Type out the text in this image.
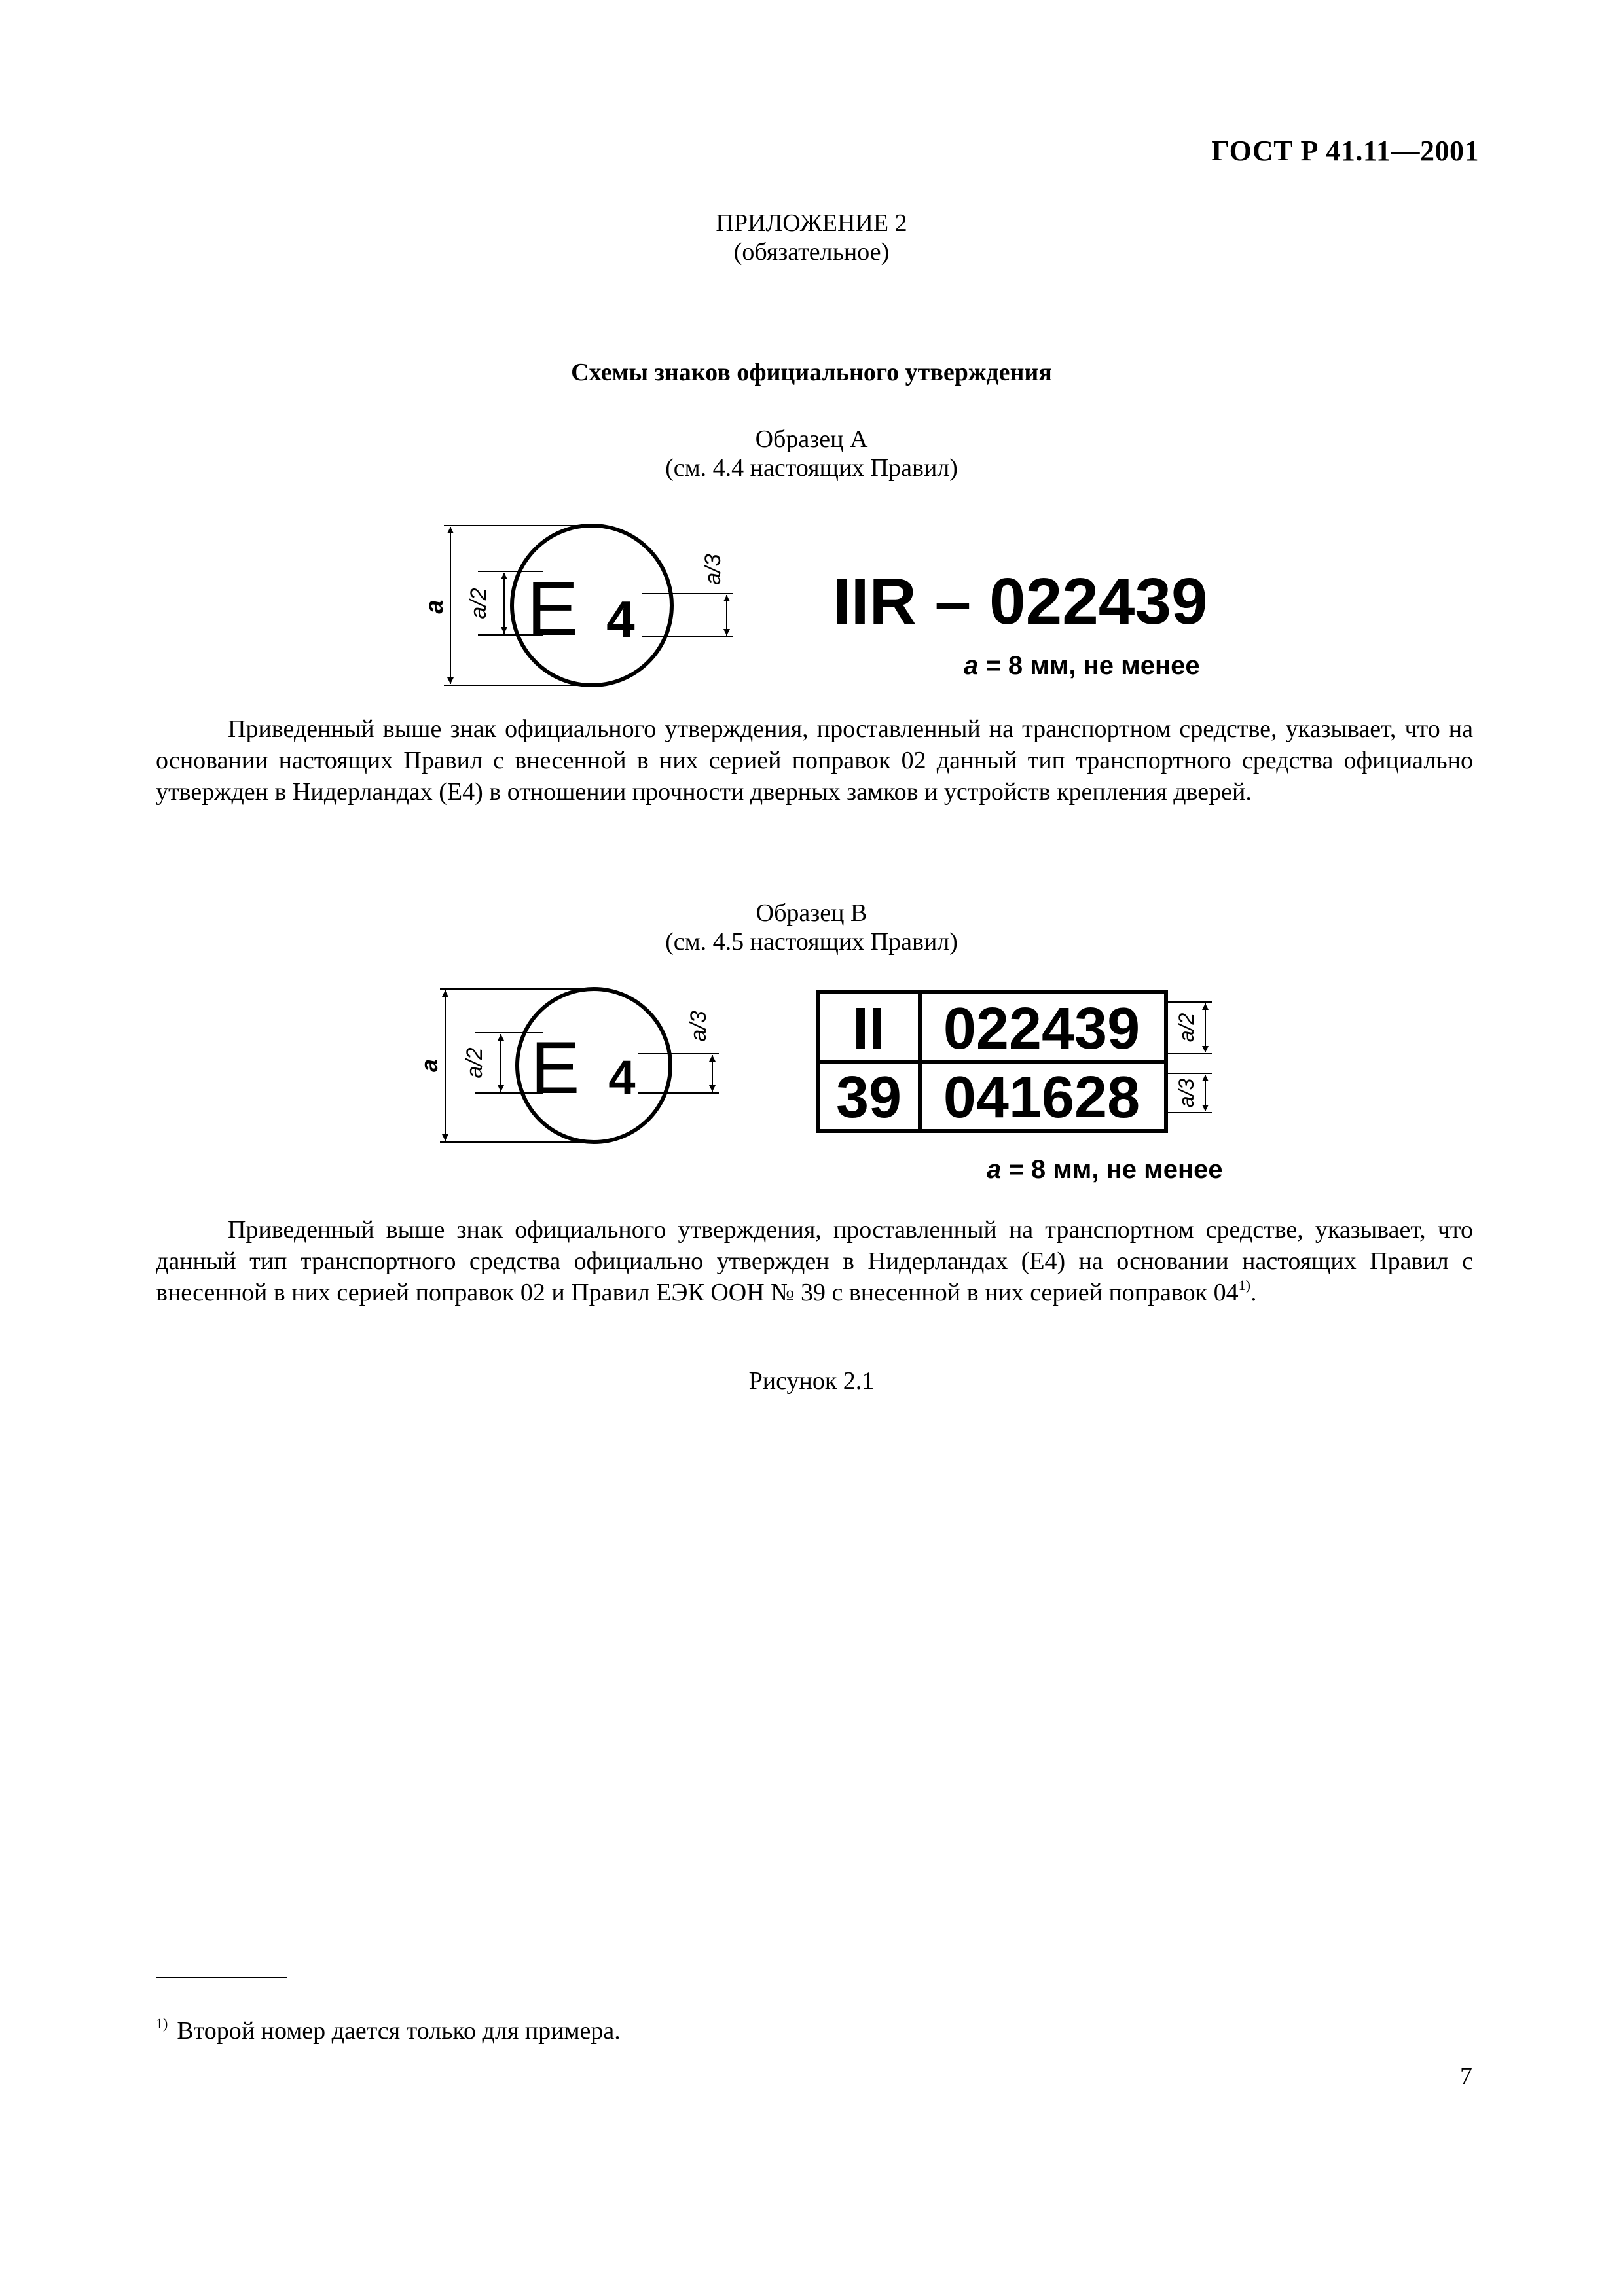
ГОСТ Р 41.11—2001
ПРИЛОЖЕНИЕ 2
(обязательное)
Схемы знаков официального утверждения
Образец А
(см. 4.4 настоящих Правил)
E 4
a a/2
a/3 IIR – 022439
a = 8 мм, не менее
Приведенный выше знак официального утверждения, проставленный на транспортном средстве, указывает, что на основании настоящих Правил с внесенной в них серией поправок 02 данный тип транспортного средства официально утвержден в Нидерландах (E4) в отношении прочности дверных замков и устройств крепления дверей.
Образец В
(см. 4.5 настоящих Правил)
E 4
a a/2
a/3 II 022439
39 041628
a/2
a/3
a = 8 мм, не менее
Приведенный выше знак официального утверждения, проставленный на транспортном средстве, указывает, что данный тип транспортного средства официально утвержден в Нидерландах (E4) на основании настоящих Правил с внесенной в них серией поправок 02 и Правил ЕЭК ООН № 39 с внесенной в них серией поправок 04$^{1)}$.
Рисунок 2.1
$^{1)}$ Второй номер дается только для примера.
7
